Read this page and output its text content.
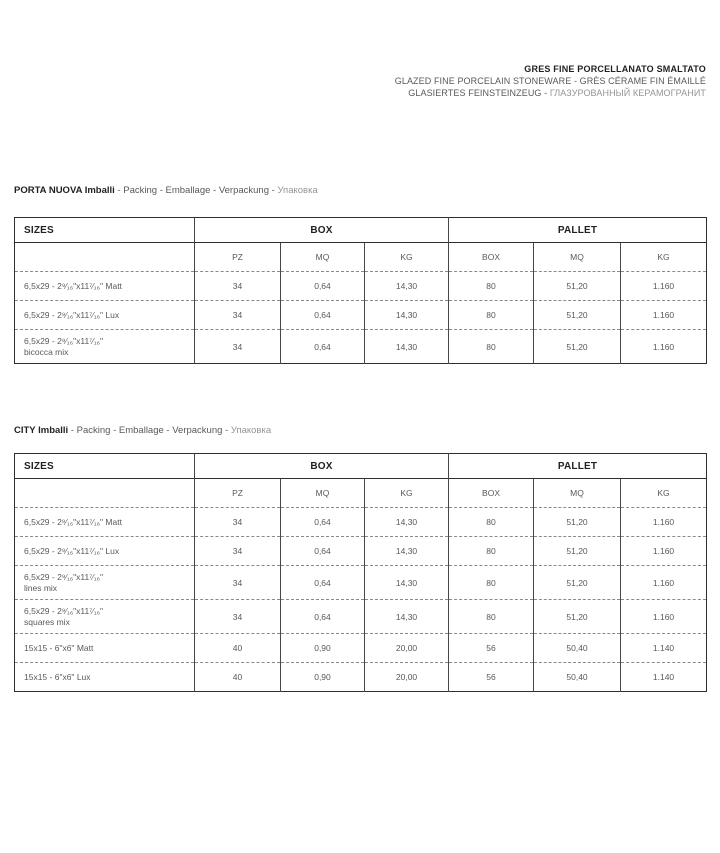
GRES FINE PORCELLANATO SMALTATO
GLAZED FINE PORCELAIN STONEWARE - GRÈS CÉRAME FIN ÉMAILLÉ
GLASIERTES FEINSTEINZEUG - ГЛАЗУРОВАННЫЙ КЕРАМОГРАНИТ
PORTA NUOVA Imballi - Packing - Emballage - Verpackung - Упаковка
SIZES	BOX			PALLET		
	PZ	MQ	KG	BOX	MQ	KG

6,5x29 - 2⁹⁄₁₆"x11⁷⁄₁₆" Matt	34	0,64	14,30	80	51,20	1.160

6,5x29 - 2⁹⁄₁₆"x11⁷⁄₁₆" Lux	34	0,64	14,30	80	51,20	1.160

6,5x29 - 2⁹⁄₁₆"x11⁷⁄₁₆"
bicocca mix	34	0,64	14,30	80	51,20	1.160
CITY Imballi - Packing - Emballage - Verpackung - Упаковка
SIZES	BOX			PALLET		
	PZ	MQ	KG	BOX	MQ	KG

6,5x29 - 2⁹⁄₁₆"x11⁷⁄₁₆" Matt	34	0,64	14,30	80	51,20	1.160

6,5x29 - 2⁹⁄₁₆"x11⁷⁄₁₆" Lux	34	0,64	14,30	80	51,20	1.160

6,5x29 - 2⁹⁄₁₆"x11⁷⁄₁₆"
lines mix	34	0,64	14,30	80	51,20	1.160

6,5x29 - 2⁹⁄₁₆"x11⁷⁄₁₆"
squares mix	34	0,64	14,30	80	51,20	1.160

15x15 - 6"x6" Matt	40	0,90	20,00	56	50,40	1.140

15x15 - 6"x6" Lux	40	0,90	20,00	56	50,40	1.140
